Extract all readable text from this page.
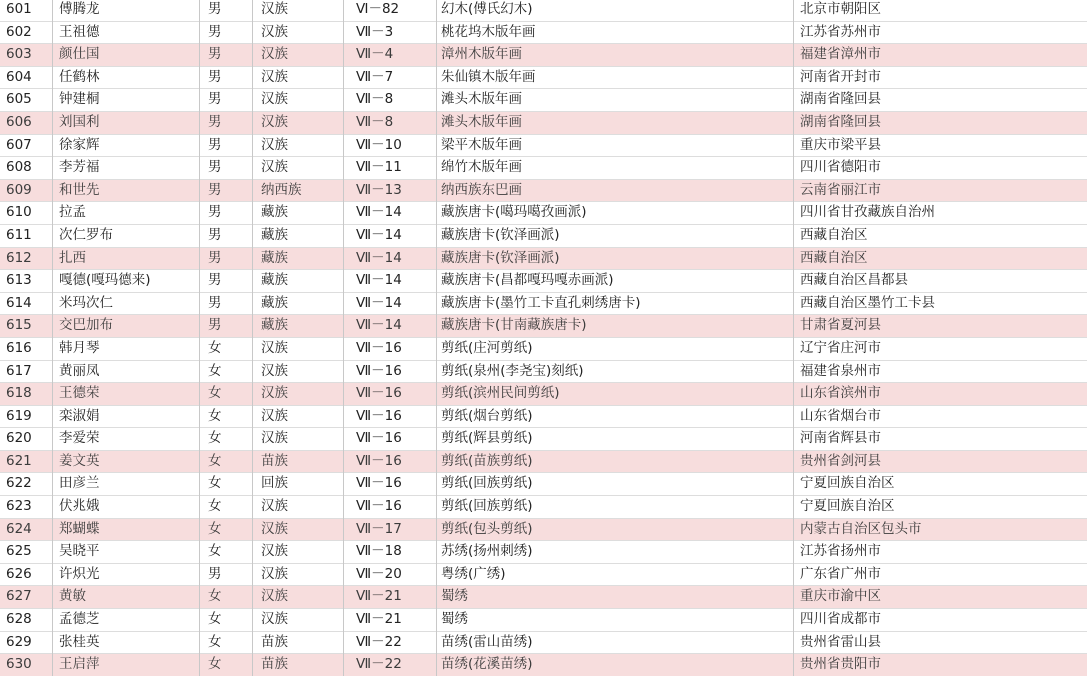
601	傅腾龙	男	汉族	Ⅵ－82	幻木(傅氏幻木)	北京市朝阳区
602	王祖德	男	汉族	Ⅶ－3	桃花坞木版年画	江苏省苏州市
603	颜仕国	男	汉族	Ⅶ－4	漳州木版年画	福建省漳州市
604	任鹤林	男	汉族	Ⅶ－7	朱仙镇木版年画	河南省开封市
605	钟建桐	男	汉族	Ⅶ－8	滩头木版年画	湖南省隆回县
606	刘国利	男	汉族	Ⅶ－8	滩头木版年画	湖南省隆回县
607	徐家辉	男	汉族	Ⅶ－10	梁平木版年画	重庆市梁平县
608	李芳福	男	汉族	Ⅶ－11	绵竹木版年画	四川省德阳市
609	和世先	男	纳西族	Ⅶ－13	纳西族东巴画	云南省丽江市
610	拉孟	男	藏族	Ⅶ－14	藏族唐卡(噶玛噶孜画派)	四川省甘孜藏族自治州
611	次仁罗布	男	藏族	Ⅶ－14	藏族唐卡(钦泽画派)	西藏自治区
612	扎西	男	藏族	Ⅶ－14	藏族唐卡(钦泽画派)	西藏自治区
613	嘎德(嘎玛德来)	男	藏族	Ⅶ－14	藏族唐卡(昌都嘎玛嘎赤画派)	西藏自治区昌都县
614	米玛次仁	男	藏族	Ⅶ－14	藏族唐卡(墨竹工卡直孔刺绣唐卡)	西藏自治区墨竹工卡县
615	交巴加布	男	藏族	Ⅶ－14	藏族唐卡(甘南藏族唐卡)	甘肃省夏河县
616	韩月琴	女	汉族	Ⅶ－16	剪纸(庄河剪纸)	辽宁省庄河市
617	黄丽凤	女	汉族	Ⅶ－16	剪纸(泉州(李尧宝)刻纸)	福建省泉州市
618	王德荣	女	汉族	Ⅶ－16	剪纸(滨州民间剪纸)	山东省滨州市
619	栾淑娟	女	汉族	Ⅶ－16	剪纸(烟台剪纸)	山东省烟台市
620	李爱荣	女	汉族	Ⅶ－16	剪纸(辉县剪纸)	河南省辉县市
621	姜文英	女	苗族	Ⅶ－16	剪纸(苗族剪纸)	贵州省剑河县
622	田彦兰	女	回族	Ⅶ－16	剪纸(回族剪纸)	宁夏回族自治区
623	伏兆娥	女	汉族	Ⅶ－16	剪纸(回族剪纸)	宁夏回族自治区
624	郑蝴蝶	女	汉族	Ⅶ－17	剪纸(包头剪纸)	内蒙古自治区包头市
625	吴晓平	女	汉族	Ⅶ－18	苏绣(扬州刺绣)	江苏省扬州市
626	许炽光	男	汉族	Ⅶ－20	粤绣(广绣)	广东省广州市
627	黄敏	女	汉族	Ⅶ－21	蜀绣	重庆市渝中区
628	孟德芝	女	汉族	Ⅶ－21	蜀绣	四川省成都市
629	张桂英	女	苗族	Ⅶ－22	苗绣(雷山苗绣)	贵州省雷山县
630	王启萍	女	苗族	Ⅶ－22	苗绣(花溪苗绣)	贵州省贵阳市
